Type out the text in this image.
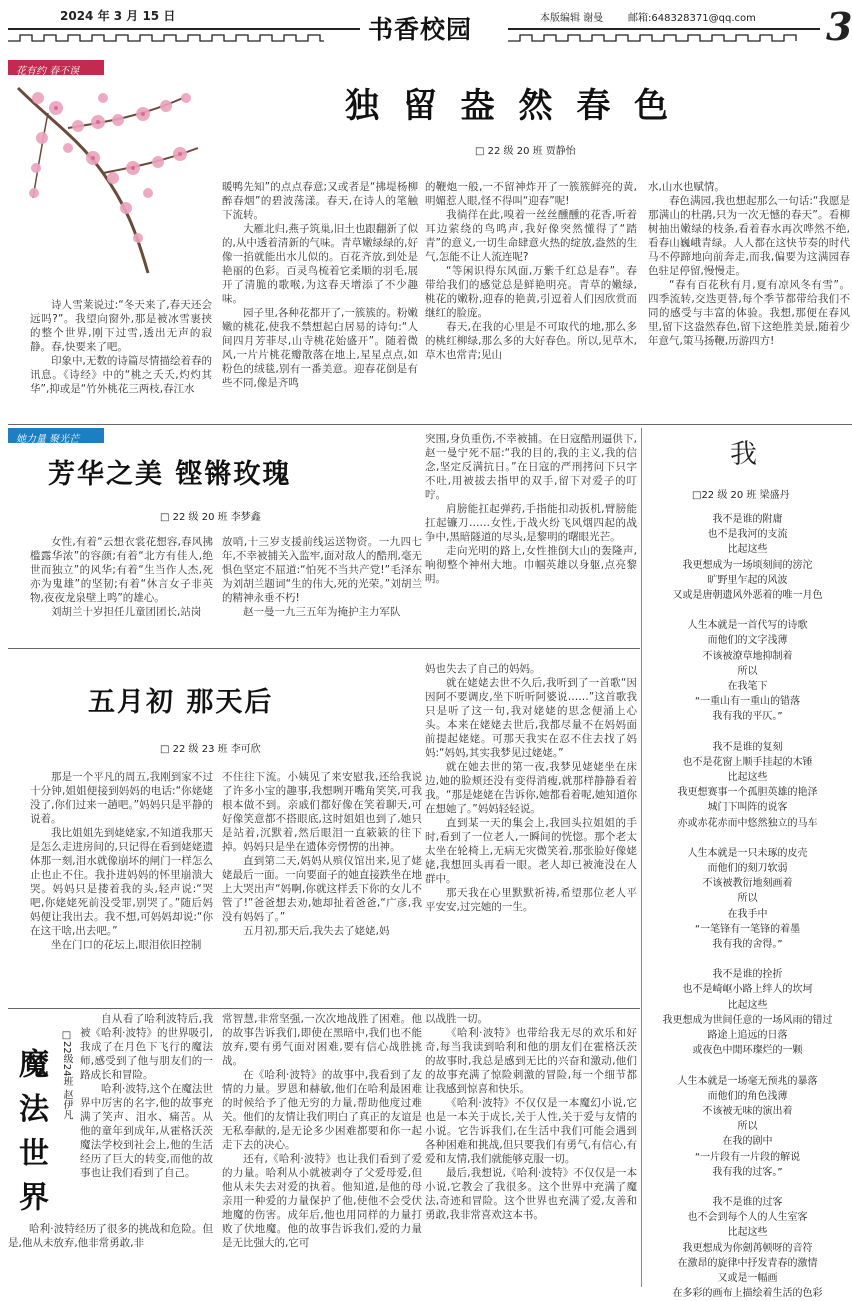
2024 年 3 月 15 日	书香校园	本版编辑 谢曼 邮箱:648328371@qq.com 3
花有约 春不误
独 留 盎 然 春 色
□ 22 级 20 班 贾静怡

诗人雪莱说过:“冬天来了,春天还会远吗?”。我望向窗外,那是被冰雪裹挟的整个世界,刚下过雪,透出无声的寂静。春,快要来了吧。

印象中,无数的诗篇尽情描绘着春的讯息。《诗经》中的“桃之夭夭,灼灼其华”,抑或是“竹外桃花三两枝,春江水

暖鸭先知”的点点春意;又或者是“拂堤杨柳醉春烟”的碧波荡漾。春天,在诗人的笔触下流转。

大雁北归,燕子筑巢,旧土也跟翻新了似的,从中透着清新的气味。青草嫩绿绿的,好像一掐就能出水儿似的。百花齐放,到处是艳丽的色彩。百灵鸟梳着它柔顺的羽毛,展开了清脆的歌喉,为这春天增添了不少趣味。

园子里,各种花都开了,一簇簇的。粉嫩嫩的桃花,使我不禁想起白居易的诗句:“人间四月芳菲尽,山寺桃花始盛开”。随着微风,一片片桃花瓣散落在地上,星星点点,如粉色的绒毯,别有一番美意。迎春花倒是有些不同,像是齐鸣

的鞭炮一般,一不留神炸开了一簇簇鲜亮的黄,明媚惹人眼,怪不得叫“迎春”呢!

我徜徉在此,嗅着一丝丝醺醺的花香,听着耳边萦绕的鸟鸣声,我好像突然懂得了“踏青”的意义,一切生命肆意火热的绽放,盎然的生气,怎能不让人流连呢?

“等闲识得东风面,万紫千红总是春”。春带给我们的感觉总是鲜艳明亮。青草的嫩绿,桃花的嫩粉,迎春的艳黄,引逗着人们因欣赏而继红的脸庞。

春天,在我的心里是不可取代的地,那么多的桃红柳绿,那么多的大好春色。所以,见草木,草木也常青;见山

水,山水也赋情。

春色满园,我也想起那么一句话:“我愿是那满山的杜鹃,只为一次无憾的春天”。看柳树抽出嫩绿的枝条,看着春水再次哗然不绝,看春山巍峨青绿。人人都在这快节奏的时代马不停蹄地向前奔走,而我,偏要为这满园春色驻足停留,慢慢走。

“春有百花秋有月,夏有凉风冬有雪”。四季流转,交迭更替,每个季节都带给我们不同的感受与丰富的体验。我想,那便在春风里,留下这盎然春色,留下这绝胜美景,随着少年意气,策马扬鞭,历游四方!

她力量 聚光芒
芳华之美 铿锵玫瑰
□ 22 级 20 班 李梦鑫

女性,有着“云想衣裳花想容,春风拂槛露华浓”的容颜;有着“北方有佳人,绝世而独立”的风华;有着“生当作人杰,死亦为鬼雄”的坚韧;有着“休言女子非英物,夜夜龙泉壁上鸣”的雄心。

刘胡兰十岁担任儿童团团长,站岗

放哨,十三岁支援前线运送物资。一九四七年,不幸被捕关入监牢,面对敌人的酷刑,毫无惧色坚定不屈道:“怕死不当共产党!”毛泽东为刘胡兰题词“生的伟大,死的光荣。”刘胡兰的精神永垂不朽!

赵一曼一九三五年为掩护主力军队

突围,身负重伤,不幸被捕。在日寇酷刑逼供下,赵一曼宁死不屈:“我的目的,我的主义,我的信念,坚定反满抗日。”在日寇的严刑拷问下只字不吐,用被拔去指甲的双手,留下对爱子的叮咛。

肩膀能扛起弹药,手指能扣动扳机,臂膀能扛起镰刀……女性,于战火纷飞风烟四起的战争中,黑暗隧道的尽头,是黎明的曙眼光芒。

走向光明的路上,女性推倒大山的轰隆声,响彻整个神州大地。巾帼英雄以身躯,点亮黎明。

我
□22 级 20 班 梁盛丹
我不是谁的附庸
也不是我河的支流
比起这些
我更想成为一场顷刻间的滂沱
旷野里乍起的风波
又或是唐朝遗风外恶着的唯一月色
人生本就是一首代写的诗歌
而他们的文字浅薄
不该被潦草地抑制着
所以
在我笔下
“一重山有一重山的错落
我有我的平仄。”
我不是谁的复刻
也不是花窗上顺手挂起的木锤
比起这些
我更想赛事一个孤胆英雄的艳泽
城门下叫阵的说客
亦或赤花赤而中悠然独立的马车
人生本就是一只未琢的皮壳
而他们的刻刀软弱
不该被教衍地刻画着
所以
在我手中
“一笔锋有一笔锋的着墨
我有我的舍得。”
我不是谁的拴折
也不是崎岖小路上绊人的坎坷
比起这些
我更想成为世间任意的一场风雨的错过
路途上追远的日落
或夜色中閒环璨烂的一颗
人生本就是一场毫无预兆的暴落
而他们的角色浅薄
不该被无味的演出着
所以
在我的剧中
“一片段有一片段的解说
我有我的过客。”
我不是谁的过客
也不会到每个人的人生室客
比起这些
我更想成为你劍苒顿呀的音符
在激昂的旋律中抒发青春的激情
又或是一幅画
在多彩的画布上描绘着生活的色彩
五月初 那天后
□ 22 级 23 班 李可欣

那是一个平凡的周五,我刚到家不过十分钟,姐姐便接到妈妈的电话:“你姥姥没了,你们过来一趟吧。”妈妈只是平静的说着。

我比姐姐先到姥姥家,不知道我那天是怎么走进房间的,只记得在看到姥姥遗体那一刻,泪水就像崩坏的闸门一样怎么止也止不住。我扑进妈妈的怀里崩溃大哭。妈妈只是搂着我的头,轻声说:“哭吧,你姥姥死前没受罪,别哭了。”随后妈妈便让我出去。我不想,可妈妈却说:“你在这干啥,出去吧。”

坐在门口的花坛上,眼泪依旧控制

不住往下流。小姨见了来安慰我,还给我说了许多小宝的趣事,我想咧开嘴角笑笑,可我根本做不到。亲戚们都好像在笑着聊天,可好像笑意都不搭眼底,这时姐姐也到了,她只是站着,沉默着,然后眼泪一直簌簌的往下掉。妈妈只是坐在遗体旁愣愣的出神。

直到第二天,妈妈从殡仪馆出来,见了姥姥最后一面。一向要面子的她直接跌坐在地上大哭出声“妈啊,你就这样丢下你的女儿不管了!”爸爸想去劝,她却扯着爸爸,“广彦,我没有妈妈了。”

五月初,那天后,我失去了姥姥,妈

妈也失去了自己的妈妈。

就在姥姥去世不久后,我听到了一首歌“因因阿不要调皮,坐下听听阿婆说……”这首歌我只是听了这一句,我对姥姥的思念便涌上心头。本来在姥姥去世后,我都尽量不在妈妈面前提起姥姥。可那天我实在忍不住去找了妈妈:“妈妈,其实我梦见过姥姥。”

就在她去世的第一夜,我梦见姥姥坐在床边,她的脸颊还没有变得消瘦,就那样静静看着我。“那是姥姥在告诉你,她都看着呢,她知道你在想她了。”妈妈轻轻说。

直到某一天的集会上,我回头拉姐姐的手时,看到了一位老人,一瞬间的恍惚。那个老太太坐在轮椅上,无病无灾微笑着,那张脸好像姥姥,我想回头再看一眼。老人却已被淹没在人群中。

那天我在心里默默祈祷,希望那位老人平平安安,过完她的一生。

魔 法 世 界	□22级24班 赵伊凡

自从看了哈利波特后,我被《哈利·波特》的世界吸引,我成了在月色下飞行的魔法师,感受到了他与朋友们的一路成长和冒险。

哈利·波特,这个在魔法世界中厉害的名字,他的故事充满了笑声、泪水、痛苦。从他的童年到成年,从霍格沃茨魔法学校到社会上,他的生活经历了巨大的转变,而他的故事也让我们看到了自己。

哈利·波特经历了很多的挑战和危险。但是,他从未放弃,他非常勇敢,非

常智慧,非常坚强,一次次地战胜了困难。他的故事告诉我们,即使在黑暗中,我们也不能放弃,要有勇气面对困难,要有信心战胜挑战。

在《哈利·波特》的故事中,我看到了友情的力量。罗恩和赫敏,他们在哈利最困难的时候给予了他无穷的力量,帮助他度过难关。他们的友情让我们明白了真正的友谊是无私奉献的,是无论多少困难都要和你一起走下去的决心。

还有,《哈利·波特》也让我们看到了爱的力量。哈利从小就被剥夺了父爱母爱,但他从未失去对爱的执着。他知道,是他的母亲用一种爱的力量保护了他,使他不会受伏地魔的伤害。成年后,他也用同样的力量打败了伏地魔。他的故事告诉我们,爱的力量是无比强大的,它可

以战胜一切。

《哈利·波特》也带给我无尽的欢乐和好奇,每当我读到哈利和他的朋友们在霍格沃茨的故事时,我总是感到无比的兴奋和激动,他们的故事充满了惊险刺激的冒险,每一个细节都让我感到惊喜和快乐。

《哈利·波特》不仅仅是一本魔幻小说,它也是一本关于成长,关于人性,关于爱与友情的小说。它告诉我们,在生活中我们可能会遇到各种困难和挑战,但只要我们有勇气,有信心,有爱和友情,我们就能够克服一切。

最后,我想说,《哈利·波特》不仅仅是一本小说,它教会了我很多。这个世界中充满了魔法,奇迹和冒险。这个世界也充满了爱,友善和勇敢,我非常喜欢这本书。
